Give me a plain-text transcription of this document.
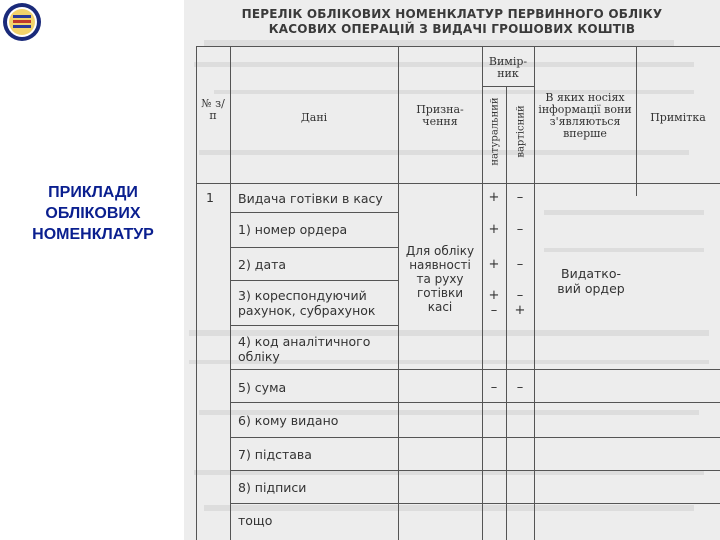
ПРИКЛАДИ
ОБЛІКОВИХ
НОМЕНКЛАТУР
ПЕРЕЛІК ОБЛІКОВИХ НОМЕНКЛАТУР ПЕРВИННОГО ОБЛІКУ
КАСОВИХ ОПЕРАЦІЙ З ВИДАЧІ ГРОШОВИХ КОШТІВ
№ з/п	Дані
Призна-
чення
Вимір-
ник
натуральний вартісний
В яких носіях
інформації вони
з'являються
вперше
Примітка
1
Для обліку
наявності
та руху
готівки
касі
Видатко-
вий ордер
Видача готівки в касу
1) номер ордера
2) дата
3) кореспондуючий
рахунок, субрахунок
4) код аналітичного
обліку
5) сума
6) кому видано
7) підстава
8) підписи
тощо
+
+
+
+
–
–
–
–
–
–
+
–
